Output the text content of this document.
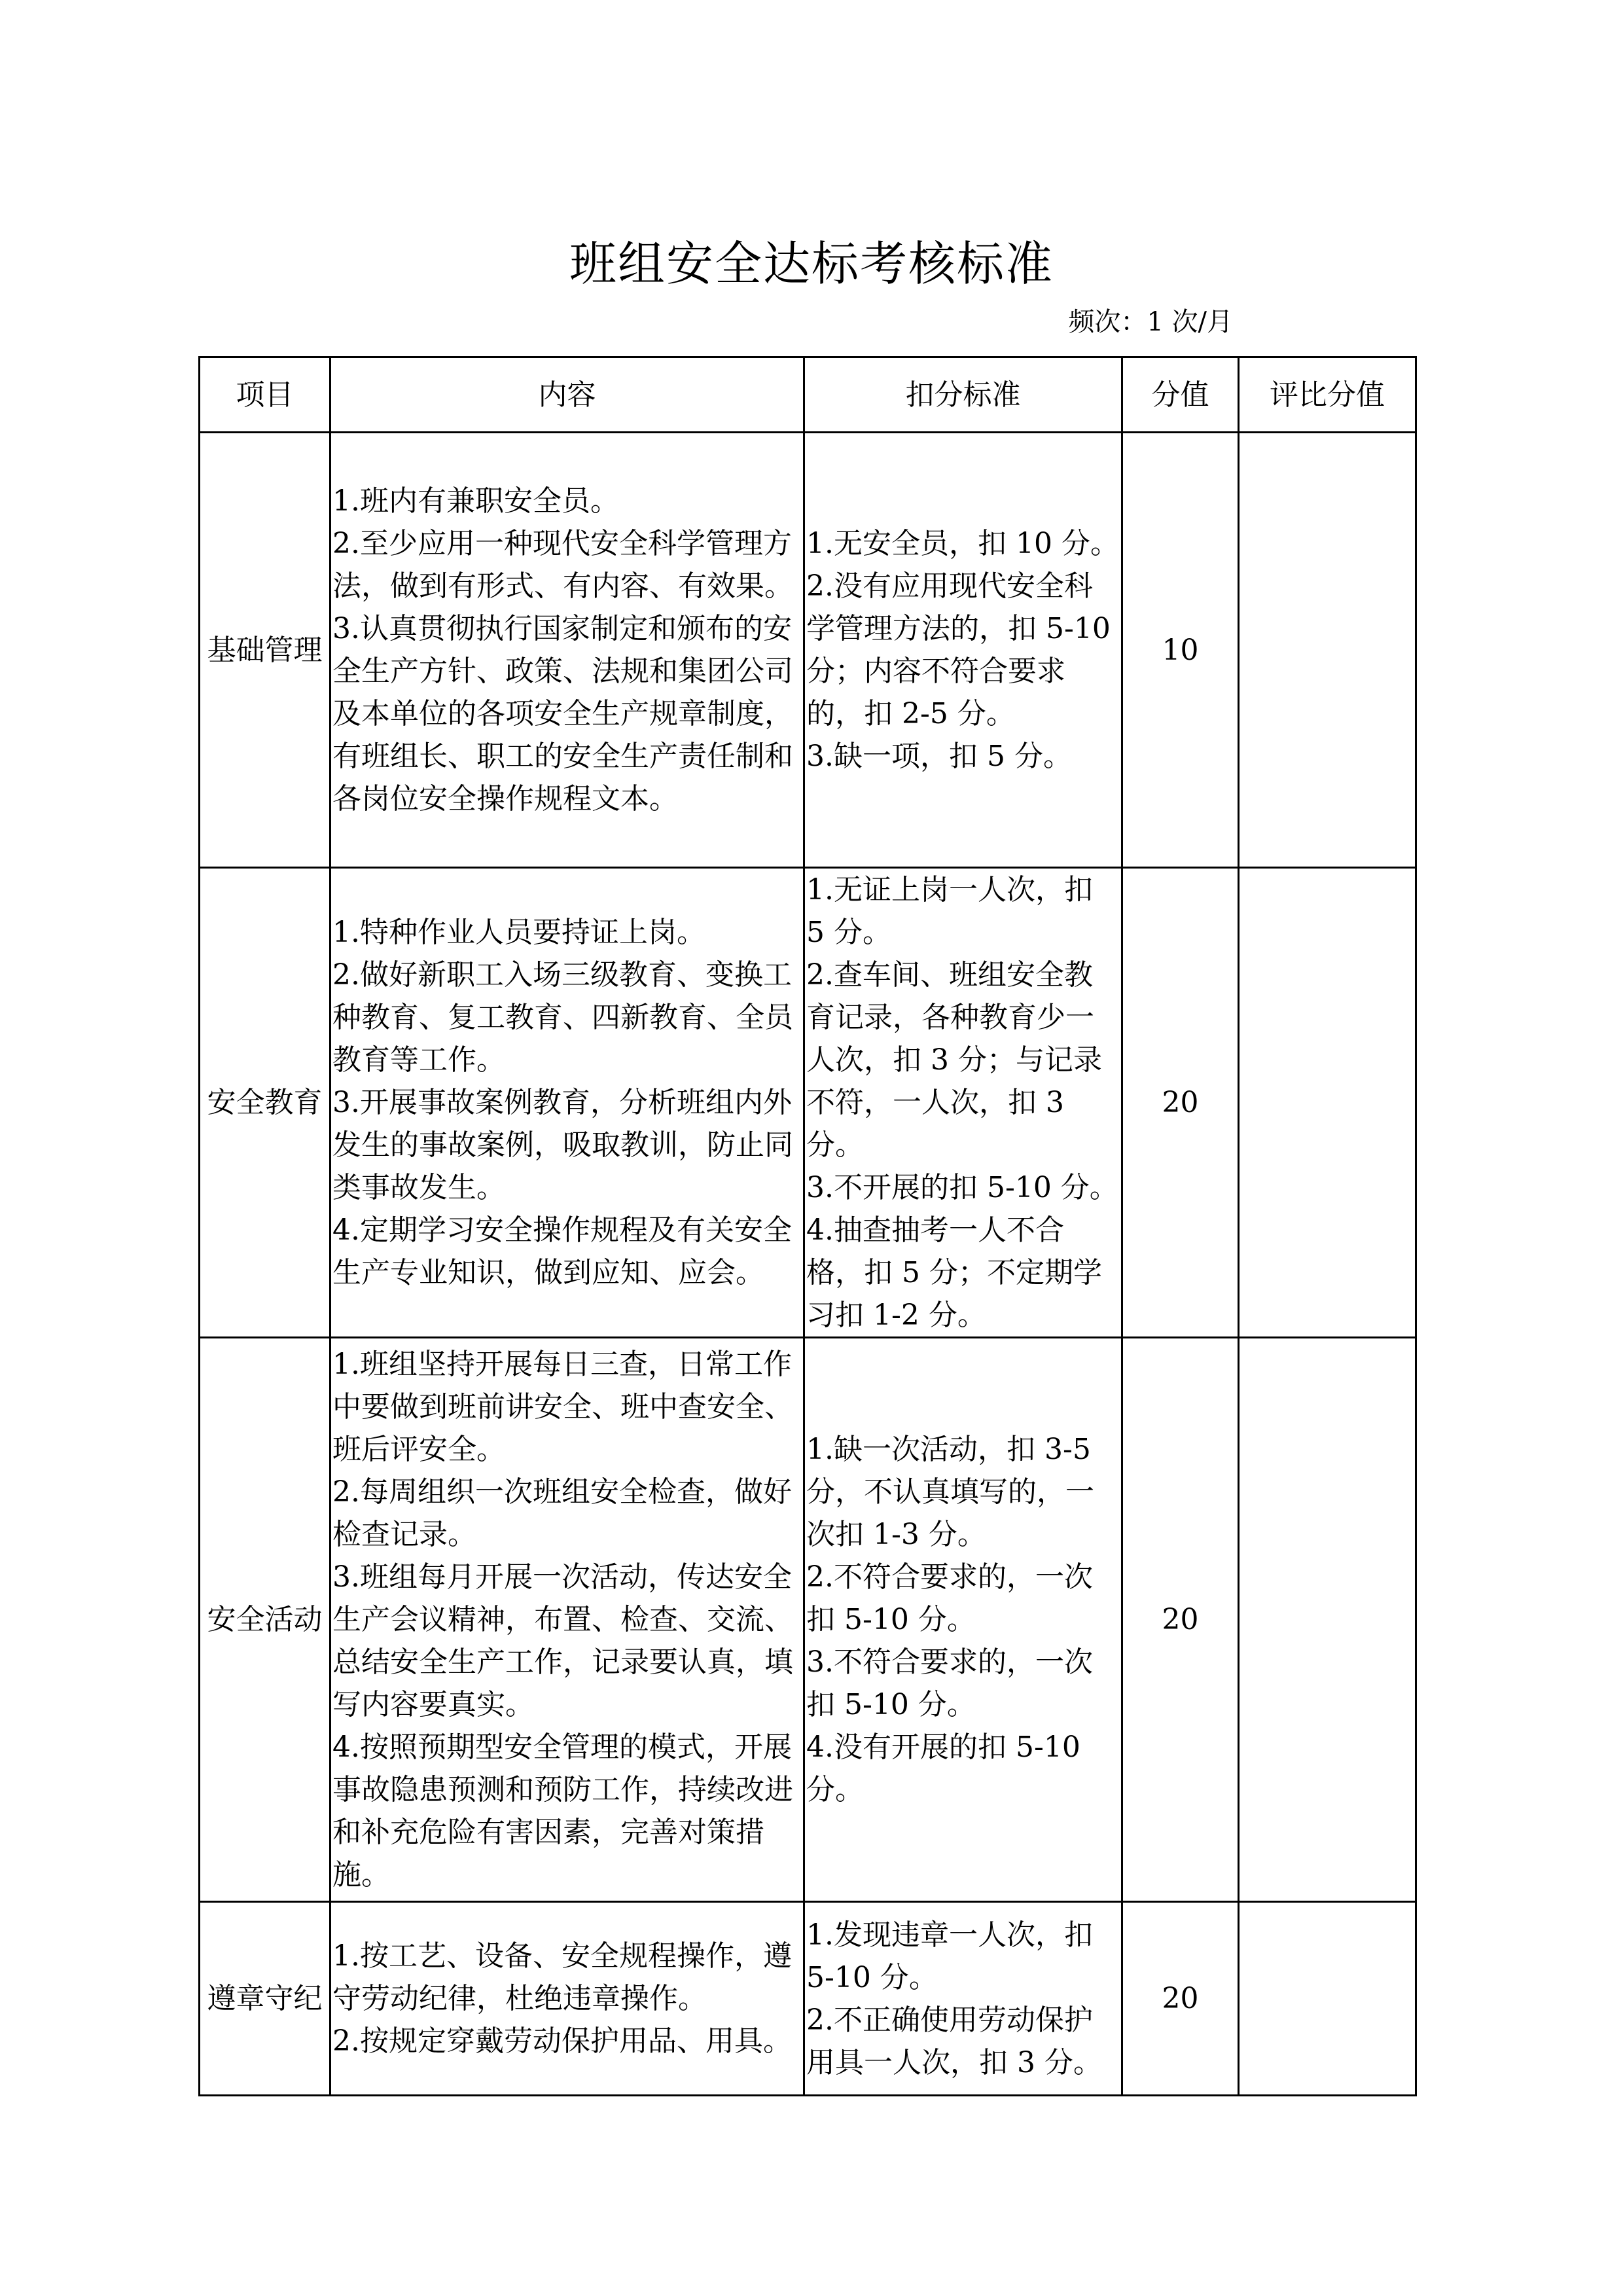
班组安全达标考核标准
频次：1 次/月
项目	内容	扣分标准	分值	评比分值
基础管理	1.班内有兼职安全员。
2.至少应用一种现代安全科学管理方法，做到有形式、有内容、有效果。
3.认真贯彻执行国家制定和颁布的安全生产方针、政策、法规和集团公司及本单位的各项安全生产规章制度，有班组长、职工的安全生产责任制和各岗位安全操作规程文本。	1.无安全员，扣 10 分。
2.没有应用现代安全科学管理方法的，扣 5-10 分；内容不符合要求的，扣 2-5 分。
3.缺一项，扣 5 分。	10	
安全教育	1.特种作业人员要持证上岗。
2.做好新职工入场三级教育、变换工种教育、复工教育、四新教育、全员教育等工作。
3.开展事故案例教育，分析班组内外发生的事故案例，吸取教训，防止同类事故发生。
4.定期学习安全操作规程及有关安全生产专业知识，做到应知、应会。	1.无证上岗一人次，扣 5 分。
2.查车间、班组安全教育记录，各种教育少一人次，扣 3 分；与记录不符，一人次，扣 3 分。
3.不开展的扣 5-10 分。
4.抽查抽考一人不合格，扣 5 分；不定期学习扣 1-2 分。	20	
安全活动	1.班组坚持开展每日三查，日常工作中要做到班前讲安全、班中查安全、班后评安全。
2.每周组织一次班组安全检查，做好检查记录。
3.班组每月开展一次活动，传达安全生产会议精神，布置、检查、交流、总结安全生产工作，记录要认真，填写内容要真实。
4.按照预期型安全管理的模式，开展事故隐患预测和预防工作，持续改进和补充危险有害因素，完善对策措施。	1.缺一次活动，扣 3-5 分，不认真填写的，一次扣 1-3 分。
2.不符合要求的，一次扣 5-10 分。
3.不符合要求的，一次扣 5-10 分。
4.没有开展的扣 5-10 分。	20	
遵章守纪	1.按工艺、设备、安全规程操作，遵守劳动纪律，杜绝违章操作。
2.按规定穿戴劳动保护用品、用具。	1.发现违章一人次，扣 5-10 分。
2.不正确使用劳动保护用具一人次，扣 3 分。	20	
